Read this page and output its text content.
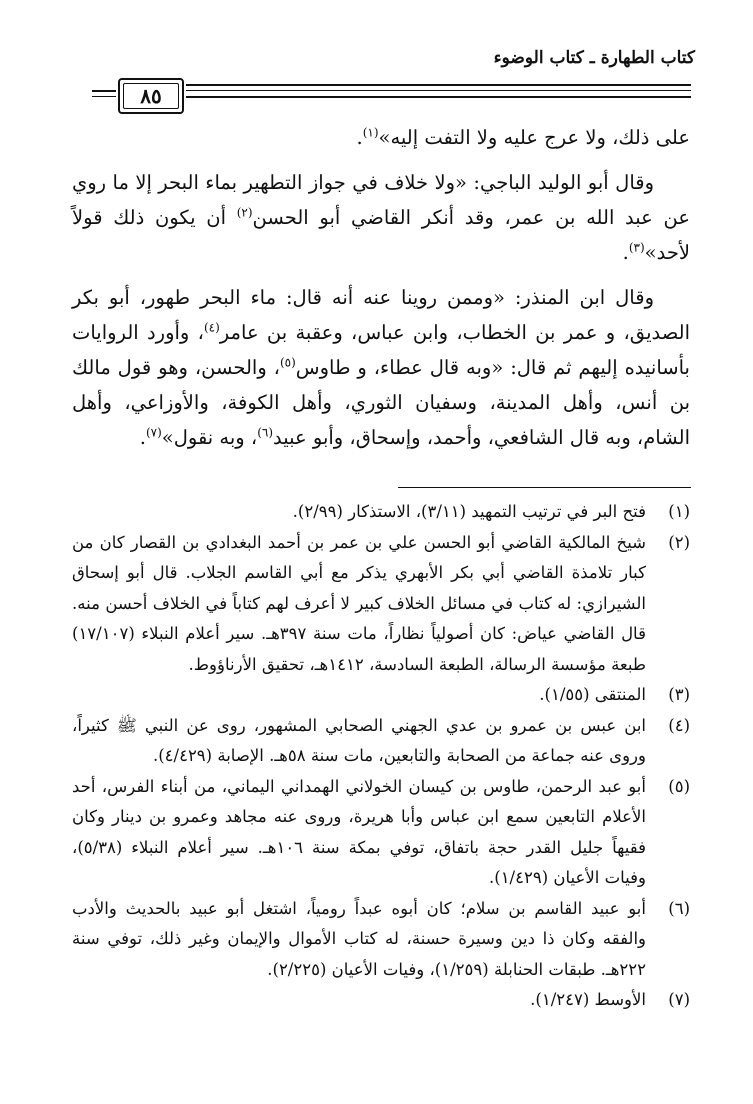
كتاب الطهارة ـ كتاب الوضوء
٨٥

على ذلك، ولا عرج عليه ولا التفت إليه»$^{(١)}$.

وقال أبو الوليد الباجي: «ولا خلاف في جواز التطهير بماء البحر إلا ما روي عن عبد الله بن عمر، وقد أنكر القاضي أبو الحسن$^{(٢)}$ أن يكون ذلك قولاً لأحد»$^{(٣)}$.

وقال ابن المنذر: «وممن روينا عنه أنه قال: ماء البحر طهور، أبو بكر الصديق، و عمر بن الخطاب، وابن عباس، وعقبة بن عامر$^{(٤)}$، وأورد الروايات بأسانيده إليهم ثم قال: «وبه قال عطاء، و طاوس$^{(٥)}$، والحسن، وهو قول مالك بن أنس، وأهل المدينة، وسفيان الثوري، وأهل الكوفة، والأوزاعي، وأهل الشام، وبه قال الشافعي، وأحمد، وإسحاق، وأبو عبيد$^{(٦)}$، وبه نقول»$^{(٧)}$.

(١)
فتح البر في ترتيب التمهيد (٣/١١)، الاستذكار (٢/٩٩).
(٢)
شيخ المالكية القاضي أبو الحسن علي بن عمر بن أحمد البغدادي بن القصار كان من كبار تلامذة القاضي أبي بكر الأبهري يذكر مع أبي القاسم الجلاب. قال أبو إسحاق الشيرازي: له كتاب في مسائل الخلاف كبير لا أعرف لهم كتاباً في الخلاف أحسن منه. قال القاضي عياض: كان أصولياً نظاراً، مات سنة ٣٩٧هـ. سير أعلام النبلاء (١٧/١٠٧) طبعة مؤسسة الرسالة، الطبعة السادسة، ١٤١٢هـ، تحقيق الأرناؤوط.
(٣)
المنتقى (١/٥٥).
(٤)
ابن عبس بن عمرو بن عدي الجهني الصحابي المشهور، روى عن النبي ﷺ كثيراً، وروى عنه جماعة من الصحابة والتابعين، مات سنة ٥٨هـ. الإصابة (٤/٤٢٩).
(٥)
أبو عبد الرحمن، طاوس بن كيسان الخولاني الهمداني اليماني، من أبناء الفرس، أحد الأعلام التابعين سمع ابن عباس وأبا هريرة، وروى عنه مجاهد وعمرو بن دينار وكان فقيهاً جليل القدر حجة باتفاق، توفي بمكة سنة ١٠٦هـ. سير أعلام النبلاء (٥/٣٨)، وفيات الأعيان (١/٤٢٩).
(٦)
أبو عبيد القاسم بن سلام؛ كان أبوه عبداً رومياً، اشتغل أبو عبيد بالحديث والأدب والفقه وكان ذا دين وسيرة حسنة، له كتاب الأموال والإيمان وغير ذلك، توفي سنة ٢٢٢هـ. طبقات الحنابلة (١/٢٥٩)، وفيات الأعيان (٢/٢٢٥).
(٧)
الأوسط (١/٢٤٧).
